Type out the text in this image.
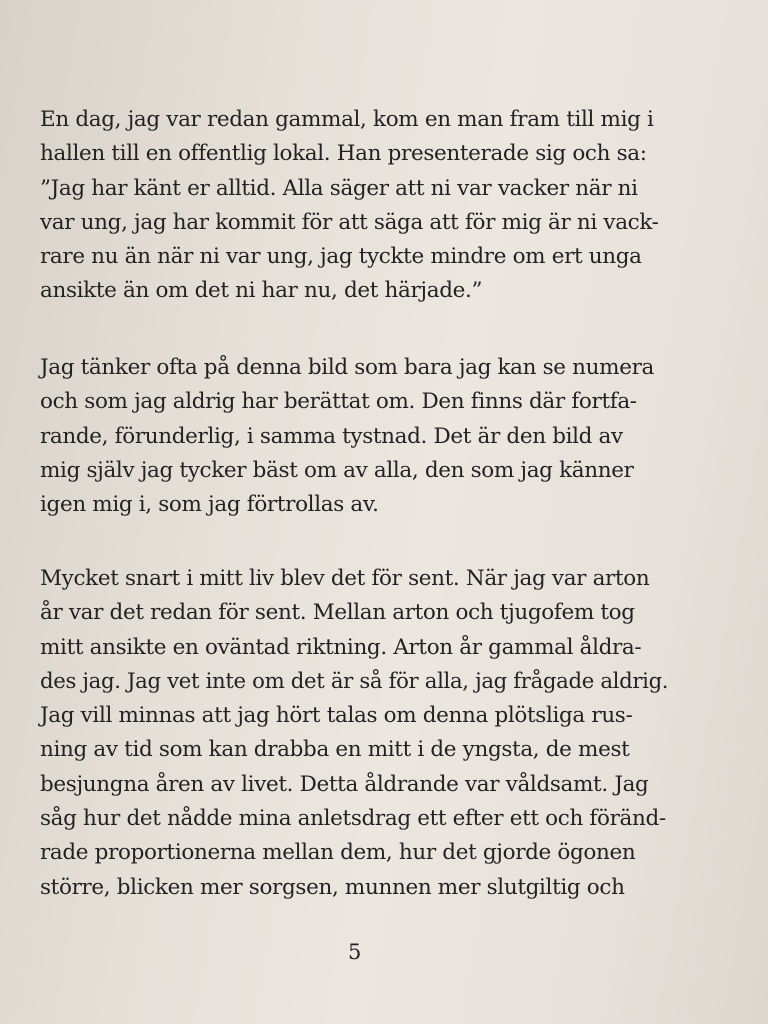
En dag, jag var redan gammal, kom en man fram till mig i
hallen till en offentlig lokal. Han presenterade sig och sa:
”Jag har känt er alltid. Alla säger att ni var vacker när ni
var ung, jag har kommit för att säga att för mig är ni vack-
rare nu än när ni var ung, jag tyckte mindre om ert unga
ansikte än om det ni har nu, det härjade.”

Jag tänker ofta på denna bild som bara jag kan se numera
och som jag aldrig har berättat om. Den finns där fortfa-
rande, förunderlig, i samma tystnad. Det är den bild av
mig själv jag tycker bäst om av alla, den som jag känner
igen mig i, som jag förtrollas av.

Mycket snart i mitt liv blev det för sent. När jag var arton
år var det redan för sent. Mellan arton och tjugofem tog
mitt ansikte en oväntad riktning. Arton år gammal åldra-
des jag. Jag vet inte om det är så för alla, jag frågade aldrig.
Jag vill minnas att jag hört talas om denna plötsliga rus-
ning av tid som kan drabba en mitt i de yngsta, de mest
besjungna åren av livet. Detta åldrande var våldsamt. Jag
såg hur det nådde mina anletsdrag ett efter ett och föränd-
rade proportionerna mellan dem, hur det gjorde ögonen
större, blicken mer sorgsen, munnen mer slutgiltig och

5
